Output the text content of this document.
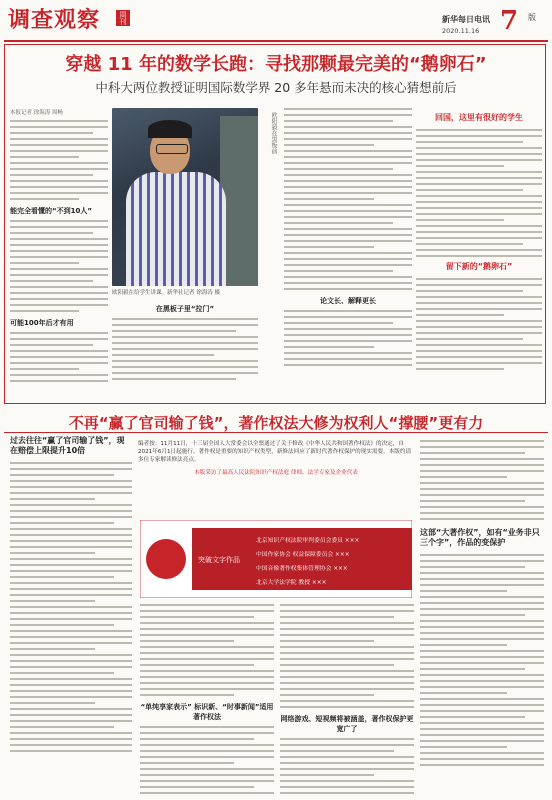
调查观察	周刊	新华每日电讯
2020.11.16 7 版
穿越 11 年的数学长跑：寻找那颗最完美的“鹅卵石”
中科大两位教授证明国际数学界 20 多年悬而未决的核心猜想前后
本报记者 徐海涛 周畅
能完全看懂的“不到10人”
可能100年后才有用
欧阳毅在给学生讲课。新华社记者 徐海涛 摄
欧阳毅在黑板前
在黑板子里“拉门”
论文长、解释更长
回国，这里有很好的学生
留下新的“鹅卵石”
不再“赢了官司输了钱”，著作权法大修为权利人“撑腰”更有力
过去往往“赢了官司输了钱”，现在赔偿上限提升10倍
编者按：11月11日，十三届全国人大常委会以全票通过了关于修改《中华人民共和国著作权法》的决定，自2021年6月1日起施行。著作权是重要的知识产权类型，新修法回应了新时代著作权保护的现实需要，本版约请多位专家解读修法亮点。
本版采访了最高人民法院知识产权法庭 律师、法学专家及企业代表
突破文字作品
北京知识产权法院审判委员会委员 ×××
中国作家协会 权益保障委员会 ×××
中国音像著作权集体管理协会 ×××
北京大学法学院 教授 ×××
“单纯享家表示” 标识新、“时事新闻”适用著作权法	网络游戏、短视频将被涵盖，著作权保护更宽广了
这部“大著作权”，如有“业务非只三个字”，作品的变保护
